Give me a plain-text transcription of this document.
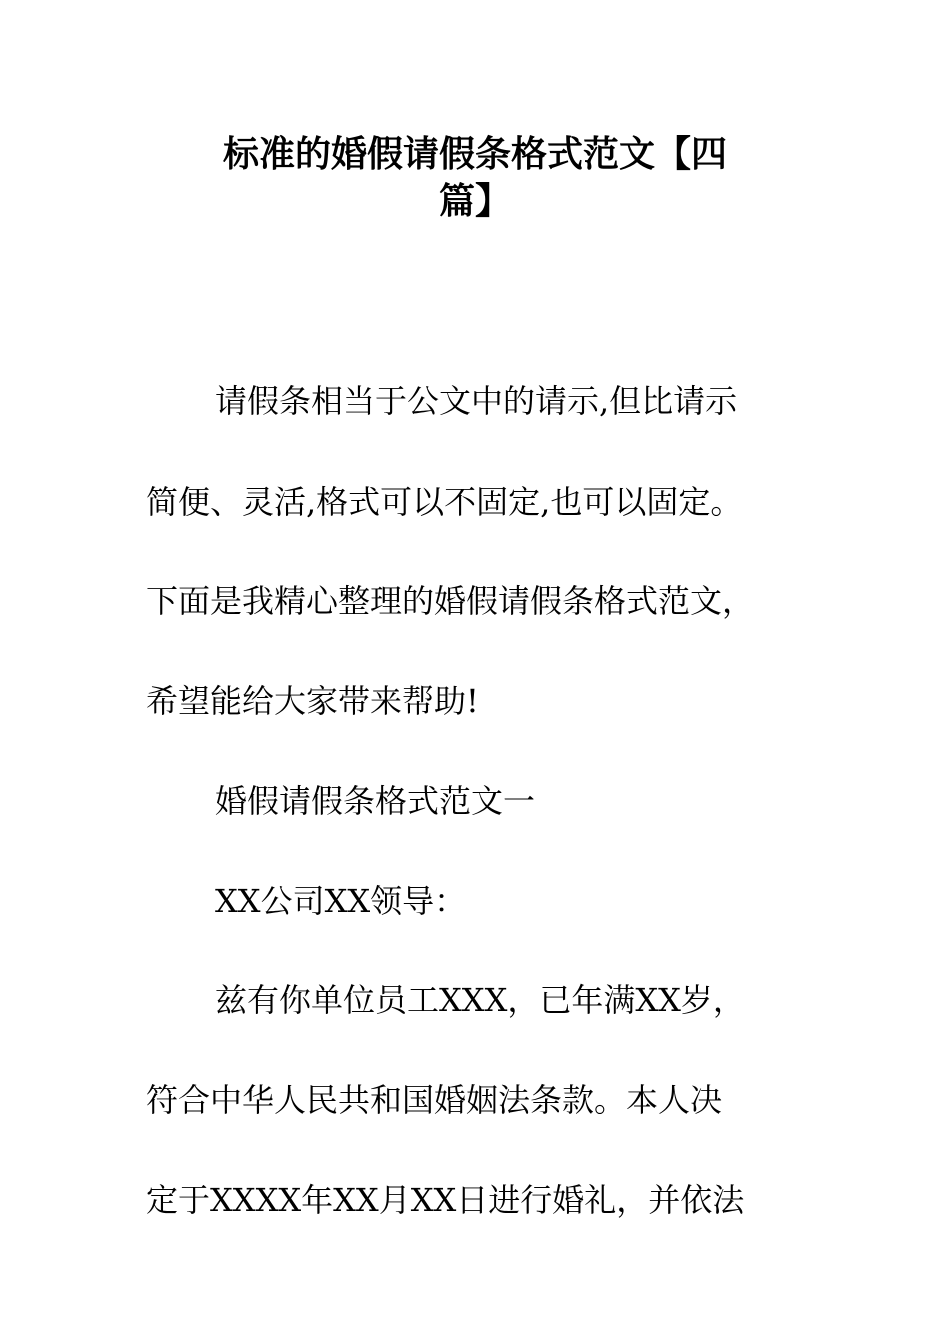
标准的婚假请假条格式范文【四
篇】
请假条相当于公文中的请示,但比请示
简便、灵活,格式可以不固定,也可以固定。
下面是我精心整理的婚假请假条格式范文，
希望能给大家带来帮助!
婚假请假条格式范文一
XX公司XX领导：
兹有你单位员工XXX，已年满XX岁，
符合中华人民共和国婚姻法条款。本人决
定于XXXX年XX月XX日进行婚礼，并依法
